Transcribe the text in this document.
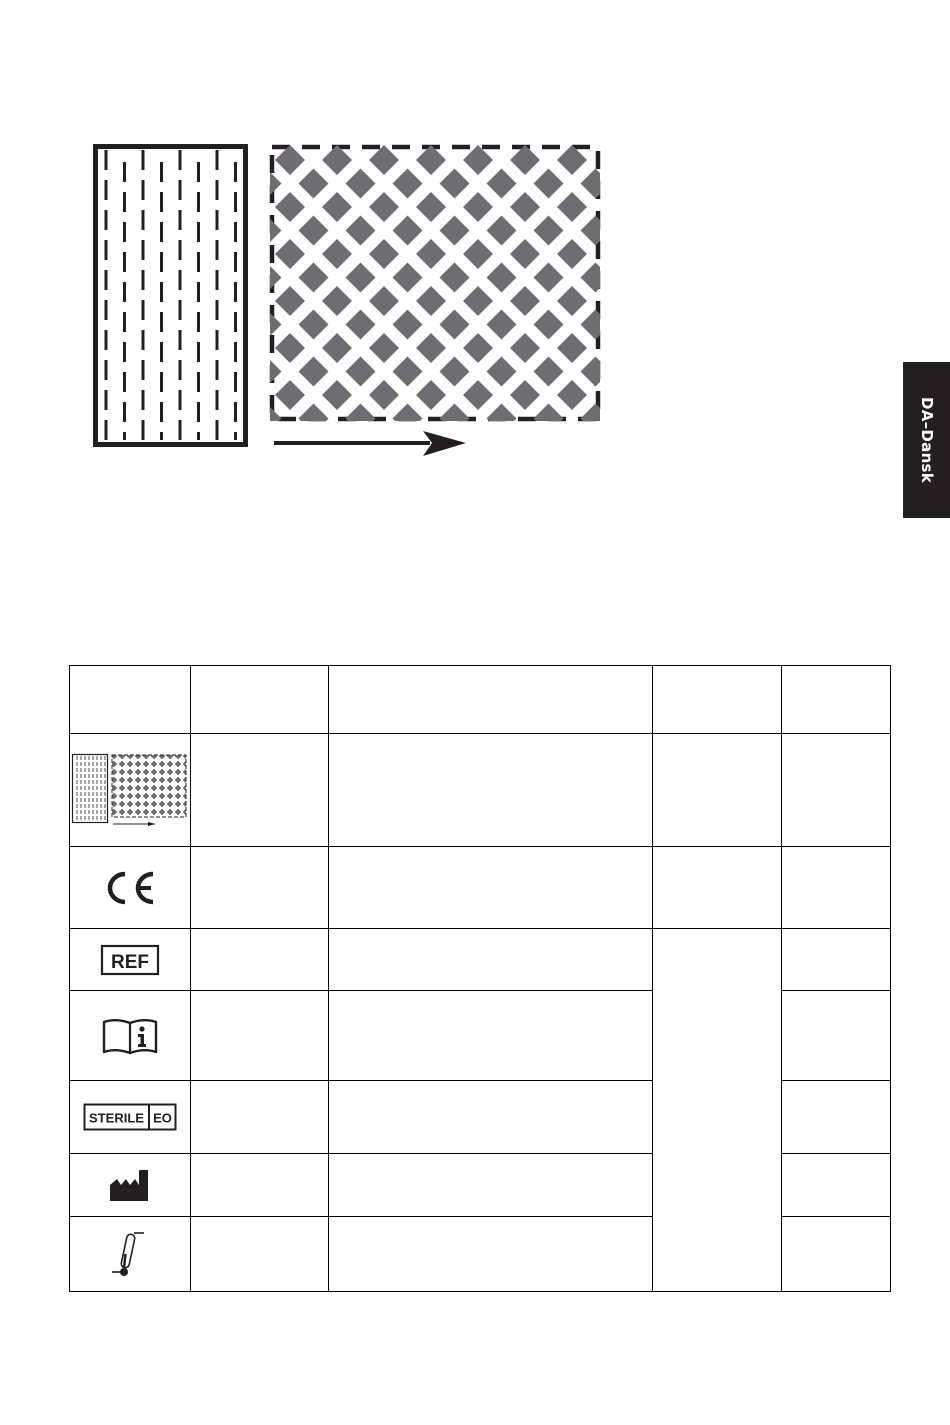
DA–Dansk

REF				

STERILE EO				
